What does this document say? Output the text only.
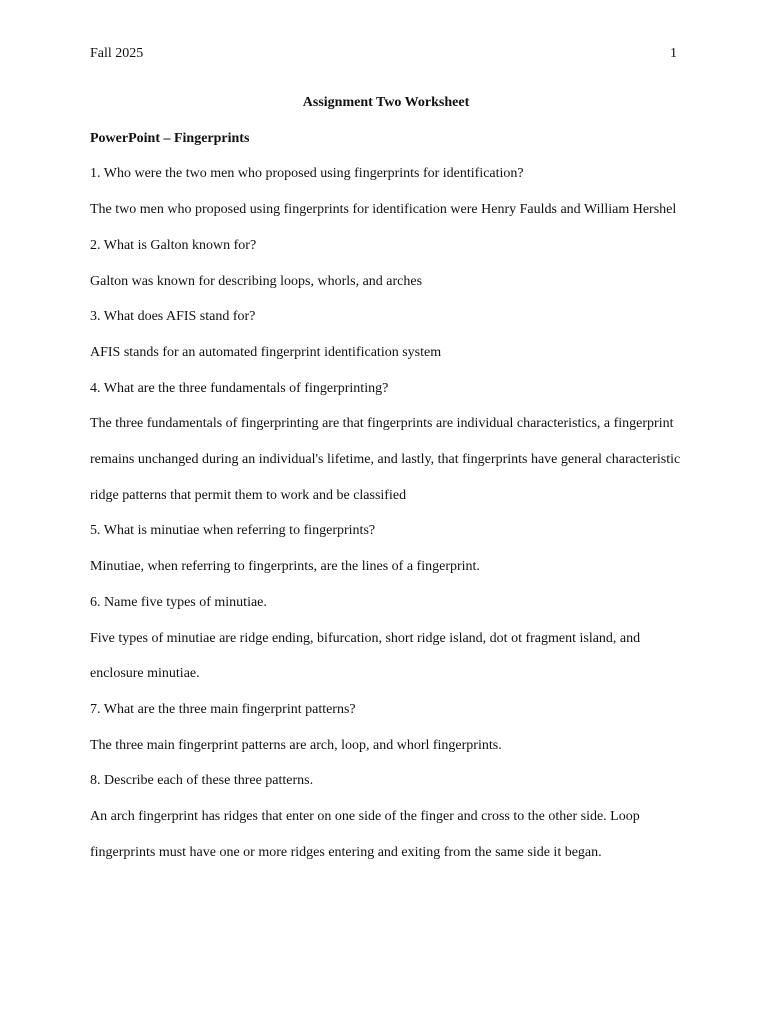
Fall 2025	1

Assignment Two Worksheet

PowerPoint – Fingerprints

1. Who were the two men who proposed using fingerprints for identification?

The two men who proposed using fingerprints for identification were Henry Faulds and William Hershel

2. What is Galton known for?

Galton was known for describing loops, whorls, and arches

3. What does AFIS stand for?

AFIS stands for an automated fingerprint identification system

4. What are the three fundamentals of fingerprinting?

The three fundamentals of fingerprinting are that fingerprints are individual characteristics, a fingerprint remains unchanged during an individual's lifetime, and lastly, that fingerprints have general characteristic ridge patterns that permit them to work and be classified

5. What is minutiae when referring to fingerprints?

Minutiae, when referring to fingerprints, are the lines of a fingerprint.

6. Name five types of minutiae.

Five types of minutiae are ridge ending, bifurcation, short ridge island, dot ot fragment island, and enclosure minutiae.

7. What are the three main fingerprint patterns?

The three main fingerprint patterns are arch, loop, and whorl fingerprints.

8. Describe each of these three patterns.

An arch fingerprint has ridges that enter on one side of the finger and cross to the other side. Loop fingerprints must have one or more ridges entering and exiting from the same side it began.
